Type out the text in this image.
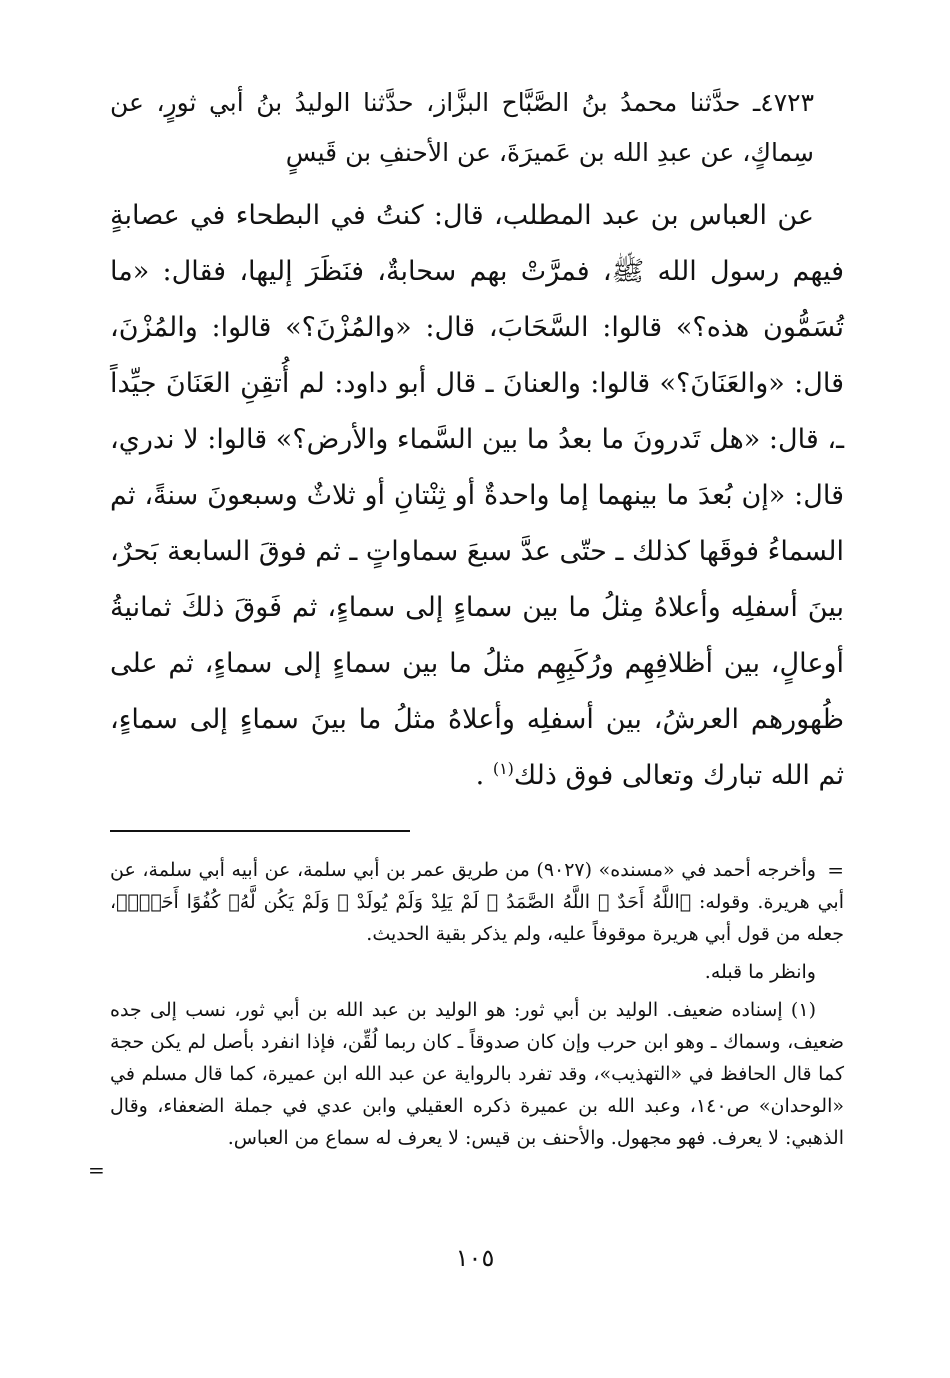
٤٧٢٣ـ حدَّثنا محمدُ بنُ الصَّبَّاح البزَّاز، حدَّثنا الوليدُ بنُ أبي ثورٍ، عن سِماكٍ، عن عبدِ الله بن عَميرَةَ، عن الأحنفِ بن قَيسٍ

عن العباس بن عبد المطلب، قال: كنتُ في البطحاء في عصابةٍ فيهم رسول الله ﷺ، فمرَّتْ بهم سحابةٌ، فنَظَرَ إليها، فقال: «ما تُسَمُّون هذه؟» قالوا: السَّحَابَ، قال: «والمُزْنَ؟» قالوا: والمُزْنَ، قال: «والعَنَانَ؟» قالوا: والعنانَ ـ قال أبو داود: لم أُتقِنِ العَنَانَ جيِّداً ـ، قال: «هل تَدرونَ ما بعدُ ما بين السَّماء والأرض؟» قالوا: لا ندري، قال: «إن بُعدَ ما بينهما إما واحدةٌ أو ثِنْتانِ أو ثلاثٌ وسبعونَ سنةً، ثم السماءُ فوقَها كذلك ـ حتّى عدَّ سبعَ سماواتٍ ـ ثم فوقَ السابعة بَحرٌ، بينَ أسفلِه وأعلاهُ مِثلُ ما بين سماءٍ إلى سماءٍ، ثم فَوقَ ذلكَ ثمانيةُ أوعالٍ، بين أظلافِهِم ورُكَبِهِم مثلُ ما بين سماءٍ إلى سماءٍ، ثم على ظُهورهم العرشُ، بين أسفلِه وأعلاهُ مثلُ ما بينَ سماءٍ إلى سماءٍ، ثم الله تبارك وتعالى فوق ذلك$^{(١)}$ .

=
وأخرجه أحمد في «مسنده» (٩٠٢٧) من طريق عمر بن أبي سلمة، عن أبيه أبي سلمة، عن أبي هريرة. وقوله: ﴿اللَّهُ أَحَدٌ ۞ اللَّهُ الصَّمَدُ ۞ لَمْ يَلِدْ وَلَمْ يُولَدْ ۞ وَلَمْ يَكُن لَّهُۥ كُفُوًا أَحَدٌۢ﴾، جعله من قول أبي هريرة موقوفاً عليه، ولم يذكر بقية الحديث.

وانظر ما قبله.

(١) إسناده ضعيف. الوليد بن أبي ثور: هو الوليد بن عبد الله بن أبي ثور، نسب إلى جده ضعيف، وسماك ـ وهو ابن حرب وإن كان صدوقاً ـ كان ربما لُقِّن، فإذا انفرد بأصل لم يكن حجة كما قال الحافظ في «التهذيب»، وقد تفرد بالرواية عن عبد الله ابن عميرة، كما قال مسلم في «الوحدان» ص١٤٠، وعبد الله بن عميرة ذكره العقيلي وابن عدي في جملة الضعفاء، وقال الذهبي: لا يعرف. فهو مجهول. والأحنف بن قيس: لا يعرف له سماع من العباس.

=
١٠٥
